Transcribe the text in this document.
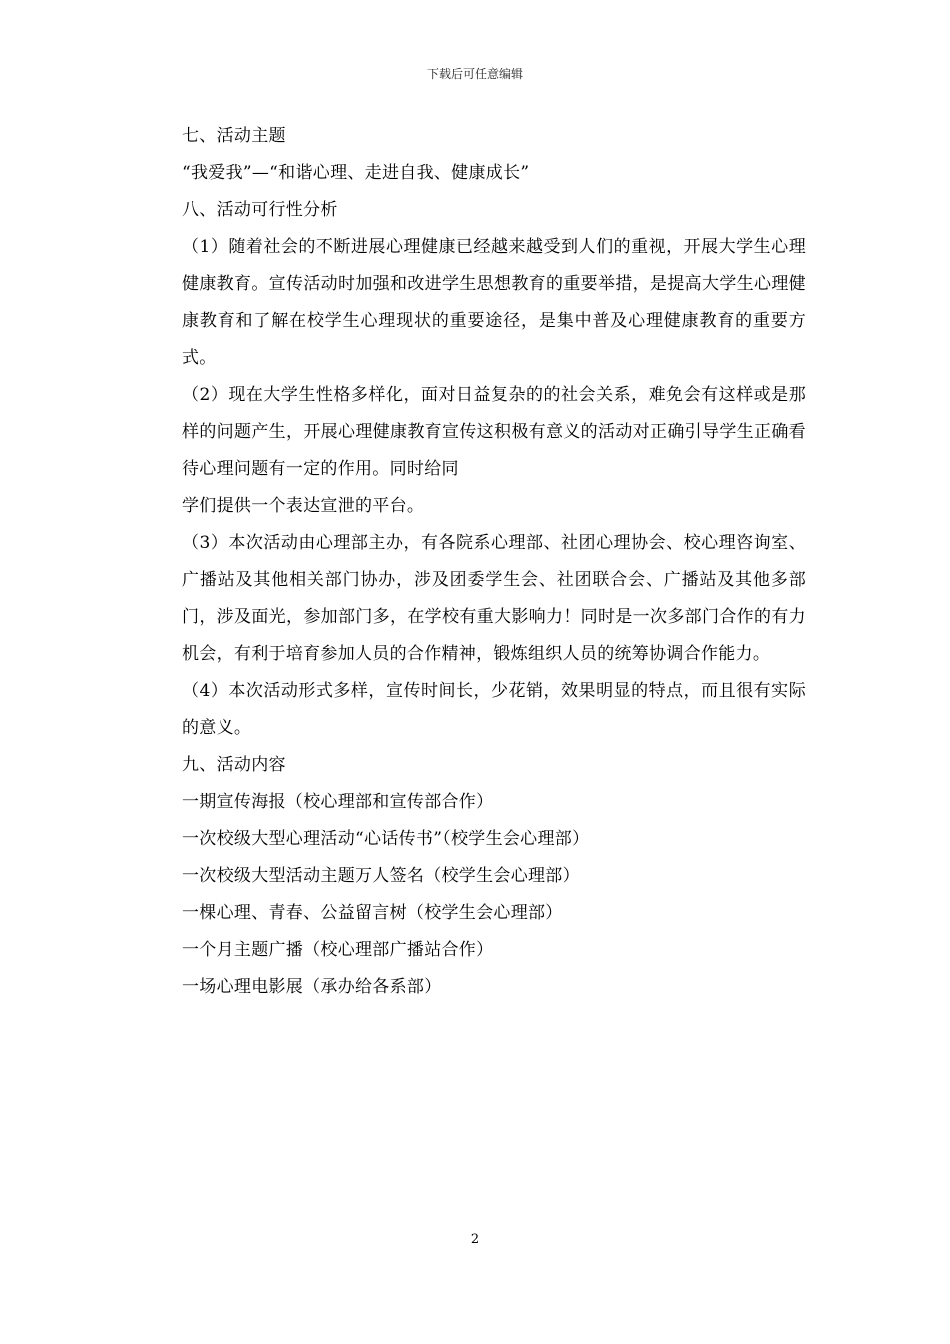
下载后可任意编辑

七、活动主题

“我爱我”—“和谐心理、走进自我、健康成长”

八、活动可行性分析

（1）随着社会的不断进展心理健康已经越来越受到人们的重视，开展大学生心理健康教育。宣传活动时加强和改进学生思想教育的重要举措，是提高大学生心理健康教育和了解在校学生心理现状的重要途径，是集中普及心理健康教育的重要方式。

（2）现在大学生性格多样化，面对日益复杂的的社会关系，难免会有这样或是那样的问题产生，开展心理健康教育宣传这积极有意义的活动对正确引导学生正确看待心理问题有一定的作用。同时给同

学们提供一个表达宣泄的平台。

（3）本次活动由心理部主办，有各院系心理部、社团心理协会、校心理咨询室、广播站及其他相关部门协办，涉及团委学生会、社团联合会、广播站及其他多部门，涉及面光，参加部门多，在学校有重大影响力！同时是一次多部门合作的有力机会，有利于培育参加人员的合作精神，锻炼组织人员的统筹协调合作能力。

（4）本次活动形式多样，宣传时间长，少花销，效果明显的特点，而且很有实际的意义。

九、活动内容

一期宣传海报（校心理部和宣传部合作）

一次校级大型心理活动“心话传书”（校学生会心理部）

一次校级大型活动主题万人签名（校学生会心理部）

一棵心理、青春、公益留言树（校学生会心理部）

一个月主题广播（校心理部广播站合作）

一场心理电影展（承办给各系部）

2
